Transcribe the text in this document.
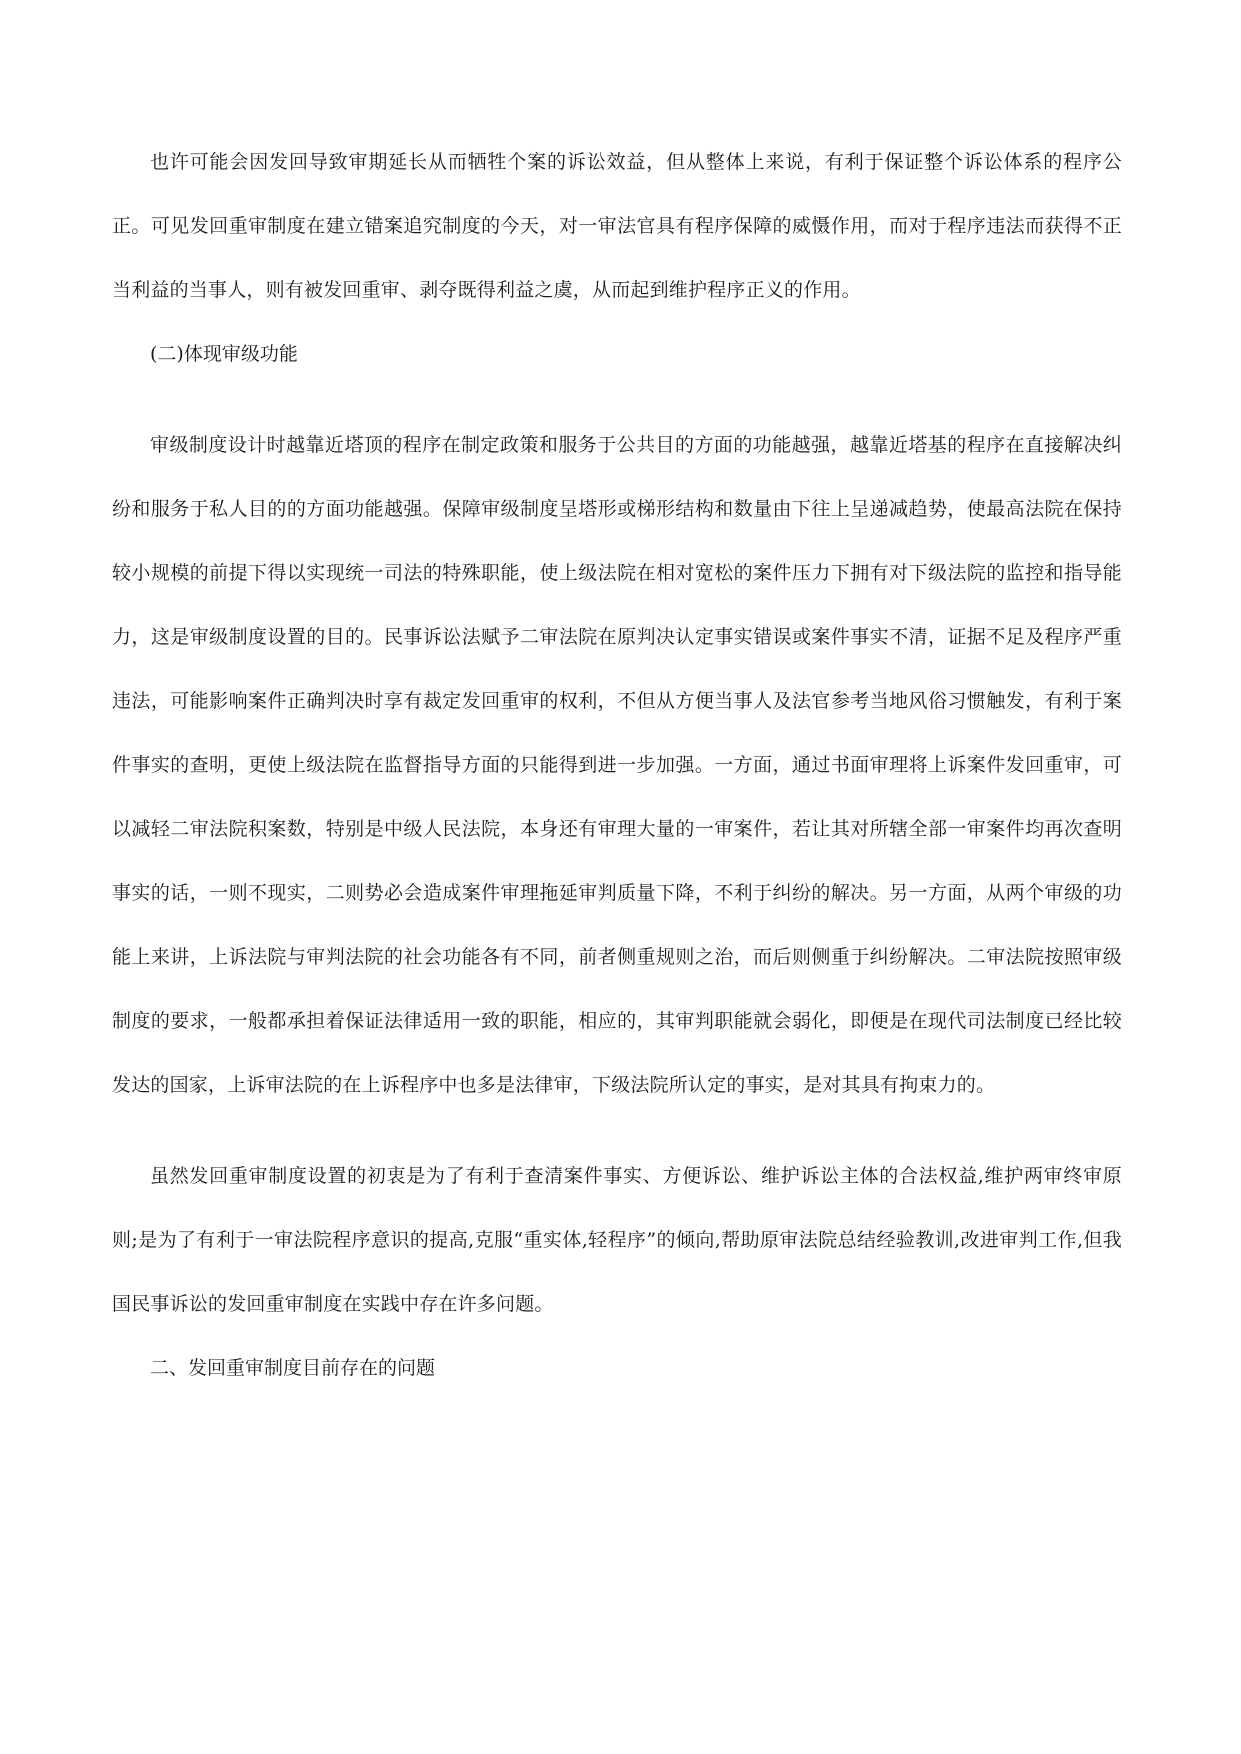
也许可能会因发回导致审期延长从而牺牲个案的诉讼效益，但从整体上来说，有利于保证整个诉讼体系的程序公正。可见发回重审制度在建立错案追究制度的今天，对一审法官具有程序保障的威慑作用，而对于程序违法而获得不正当利益的当事人，则有被发回重审、剥夺既得利益之虞，从而起到维护程序正义的作用。

(二)体现审级功能

审级制度设计时越靠近塔顶的程序在制定政策和服务于公共目的方面的功能越强，越靠近塔基的程序在直接解决纠纷和服务于私人目的的方面功能越强。保障审级制度呈塔形或梯形结构和数量由下往上呈递减趋势，使最高法院在保持较小规模的前提下得以实现统一司法的特殊职能，使上级法院在相对宽松的案件压力下拥有对下级法院的监控和指导能力，这是审级制度设置的目的。民事诉讼法赋予二审法院在原判决认定事实错误或案件事实不清，证据不足及程序严重违法，可能影响案件正确判决时享有裁定发回重审的权利，不但从方便当事人及法官参考当地风俗习惯触发，有利于案件事实的查明，更使上级法院在监督指导方面的只能得到进一步加强。一方面，通过书面审理将上诉案件发回重审，可以减轻二审法院积案数，特别是中级人民法院，本身还有审理大量的一审案件，若让其对所辖全部一审案件均再次查明事实的话，一则不现实，二则势必会造成案件审理拖延审判质量下降，不利于纠纷的解决。另一方面，从两个审级的功能上来讲，上诉法院与审判法院的社会功能各有不同，前者侧重规则之治，而后则侧重于纠纷解决。二审法院按照审级制度的要求，一般都承担着保证法律适用一致的职能，相应的，其审判职能就会弱化，即便是在现代司法制度已经比较发达的国家，上诉审法院的在上诉程序中也多是法律审，下级法院所认定的事实，是对其具有拘束力的。

虽然发回重审制度设置的初衷是为了有利于查清案件事实、方便诉讼、维护诉讼主体的合法权益,维护两审终审原则;是为了有利于一审法院程序意识的提高,克服“重实体,轻程序”的倾向,帮助原审法院总结经验教训,改进审判工作,但我国民事诉讼的发回重审制度在实践中存在许多问题。

二、发回重审制度目前存在的问题
